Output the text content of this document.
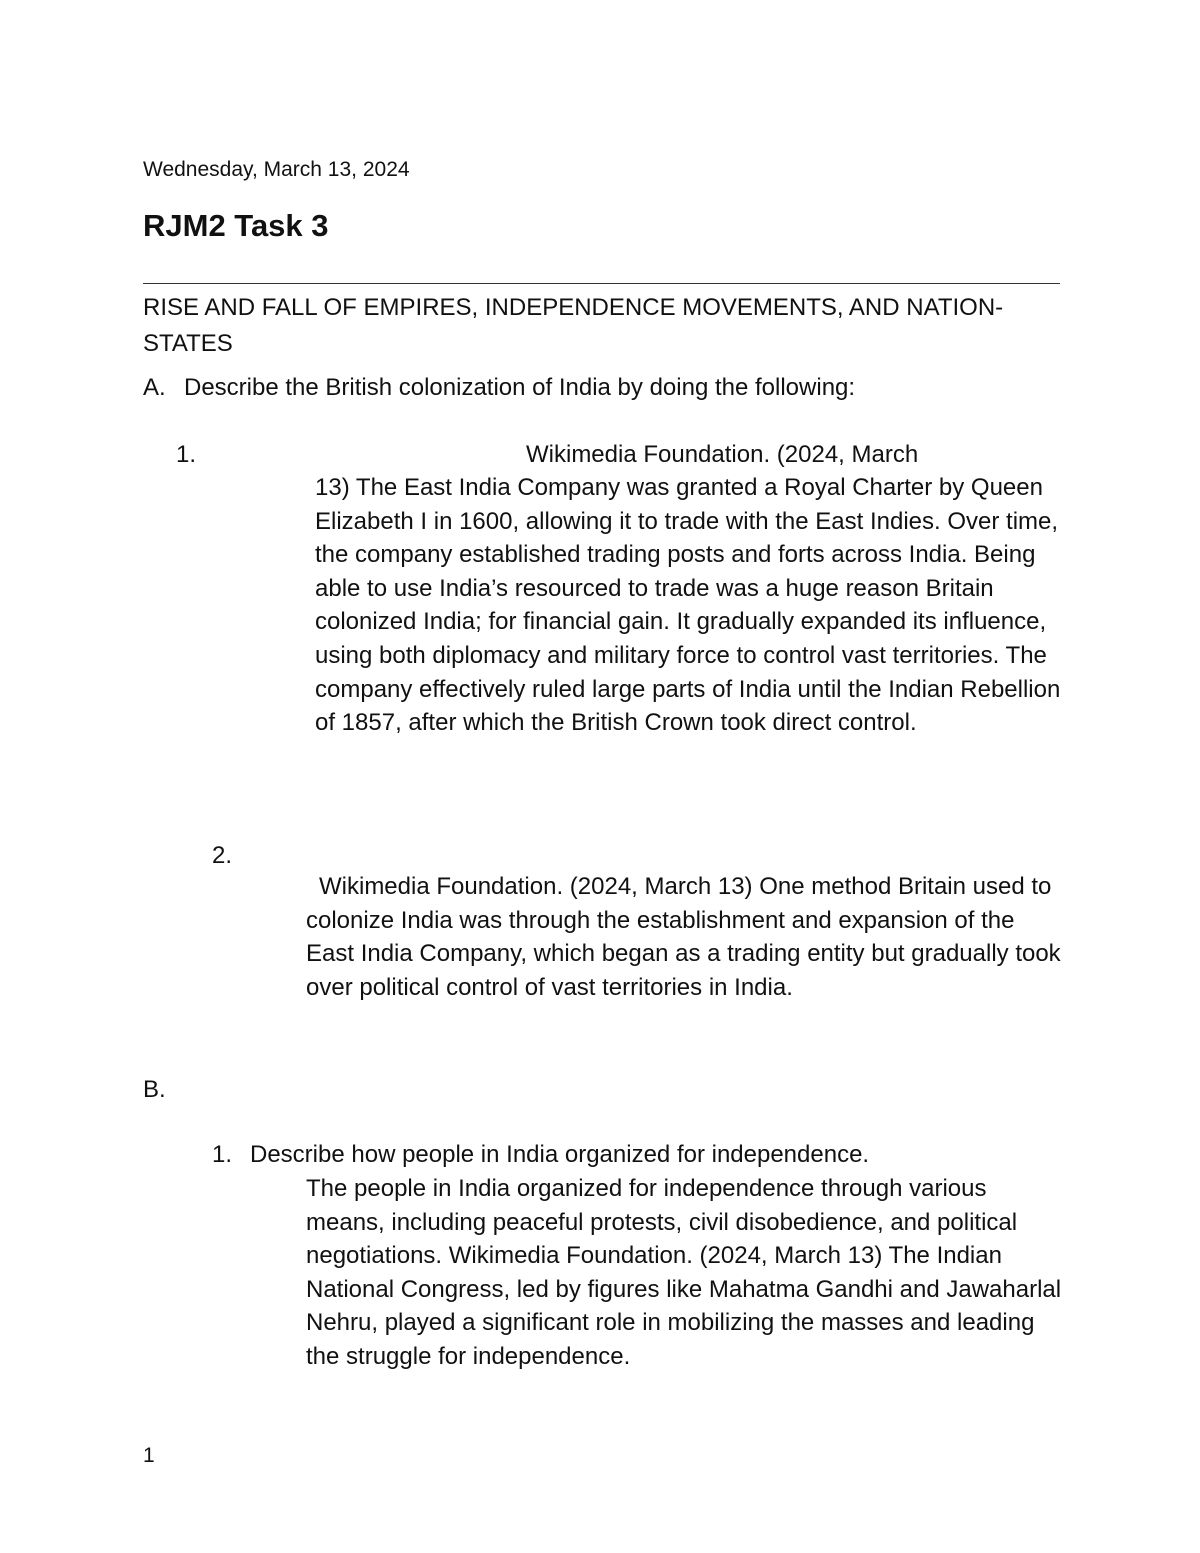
Wednesday, March 13, 2024
RJM2 Task 3
RISE AND FALL OF EMPIRES, INDEPENDENCE MOVEMENTS, AND NATION-STATES
A. Describe the British colonization of India by doing the following:
1.	Wikimedia Foundation. (2024, March
13) The East India Company was granted a Royal Charter by Queen Elizabeth I in 1600, allowing it to trade with the East Indies. Over time, the company established trading posts and forts across India. Being able to use India’s resourced to trade was a huge reason Britain colonized India; for financial gain. It gradually expanded its influence, using both diplomacy and military force to control vast territories. The company effectively ruled large parts of India until the Indian Rebellion of 1857, after which the British Crown took direct control.
2.
Wikimedia Foundation. (2024, March 13) One method Britain used to colonize India was through the establishment and expansion of the East India Company, which began as a trading entity but gradually took over political control of vast territories in India.
B.
1. Describe how people in India organized for independence.
The people in India organized for independence through various means, including peaceful protests, civil disobedience, and political negotiations. Wikimedia Foundation. (2024, March 13) The Indian National Congress, led by figures like Mahatma Gandhi and Jawaharlal Nehru, played a significant role in mobilizing the masses and leading the struggle for independence.
1
